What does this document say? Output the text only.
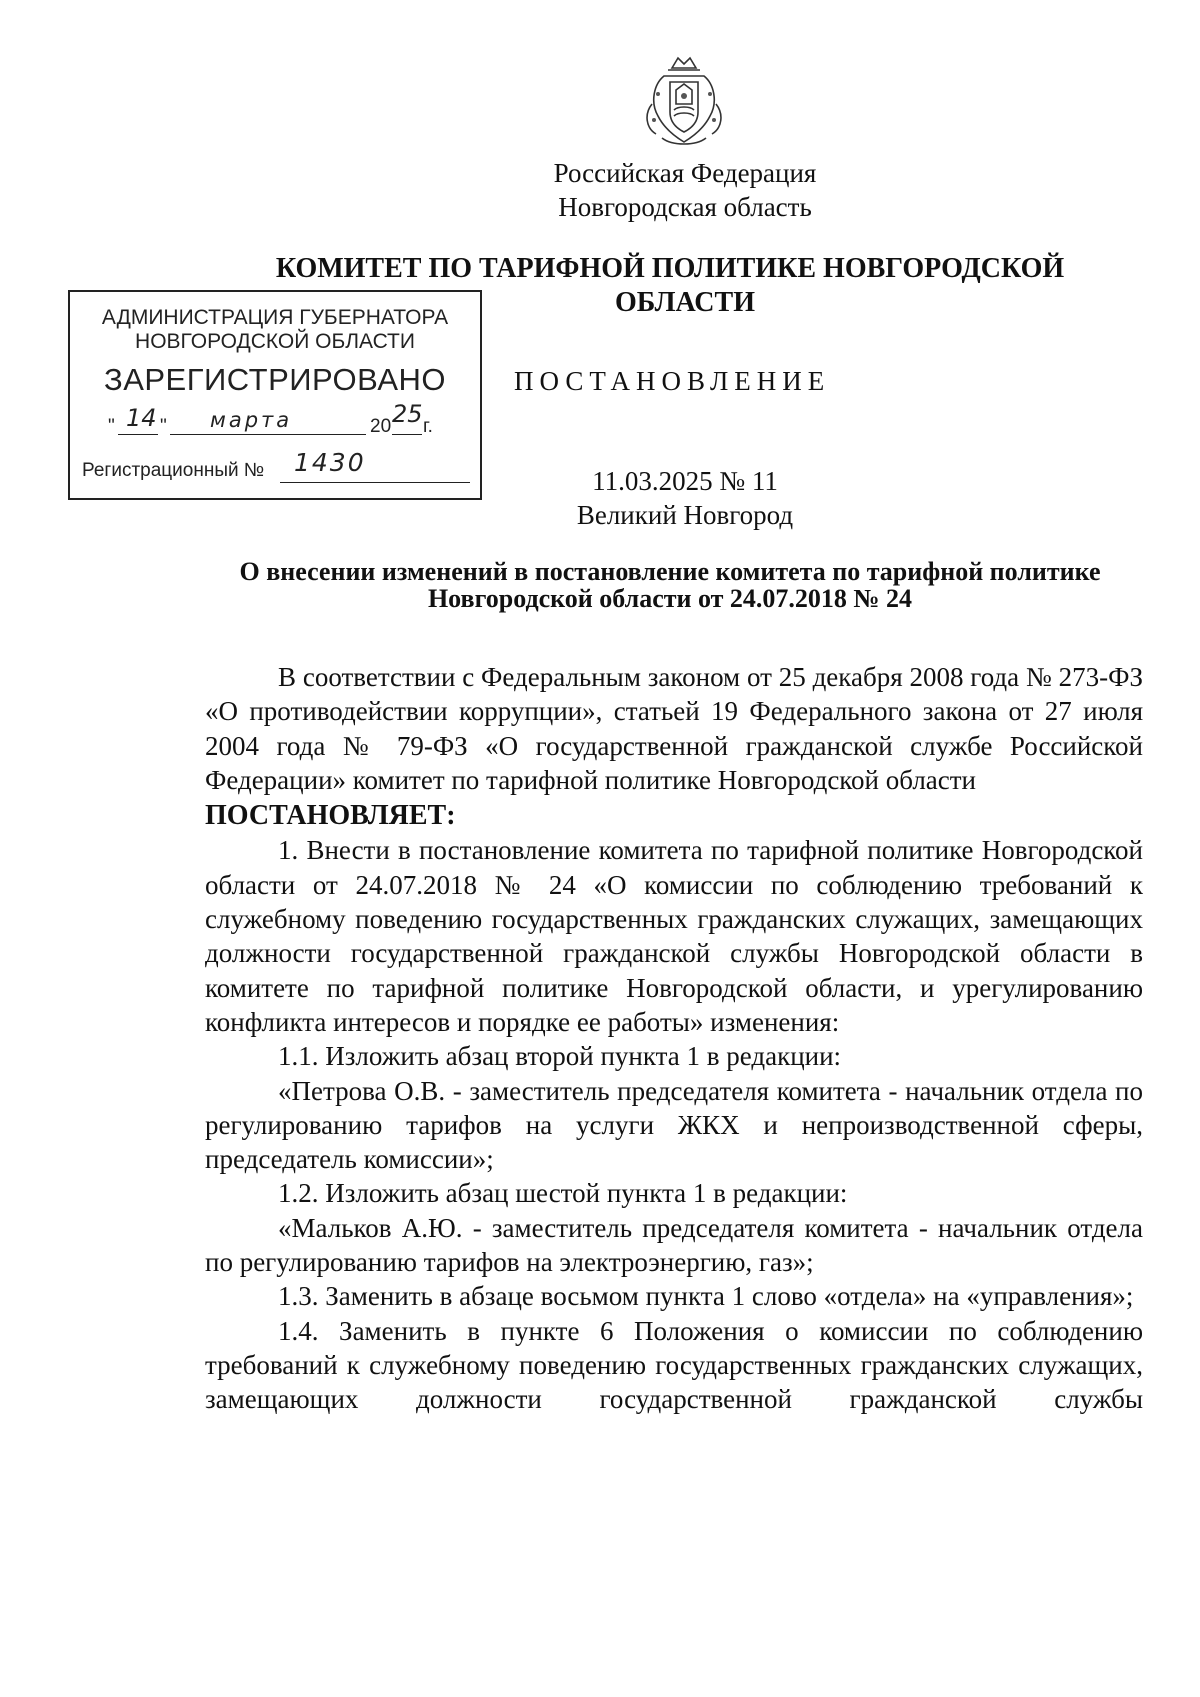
Российская Федерация
Новгородская область
КОМИТЕТ ПО ТАРИФНОЙ ПОЛИТИКЕ НОВГОРОДСКОЙ
ОБЛАСТИ
АДМИНИСТРАЦИЯ ГУБЕРНАТОРА
НОВГОРОДСКОЙ ОБЛАСТИ
ЗАРЕГИСТРИРОВАНО
" 14 " марта	20 25 г.
Регистрационный № 1430
ПОСТАНОВЛЕНИЕ
11.03.2025 № 11
Великий Новгород
О внесении изменений в постановление комитета по тарифной политике
Новгородской области от 24.07.2018 № 24

В соответствии с Федеральным законом от 25 декабря 2008 года № 273-ФЗ «О противодействии коррупции», статьей 19 Федерального закона от 27 июля 2004 года № 79-ФЗ «О государственной гражданской службе Российской Федерации» комитет по тарифной политике Новгородской области

ПОСТАНОВЛЯЕТ:

1. Внести в постановление комитета по тарифной политике Новгородской области от 24.07.2018 № 24 «О комиссии по соблюдению требований к служебному поведению государственных гражданских служащих, замещающих должности государственной гражданской службы Новгородской области в комитете по тарифной политике Новгородской области, и урегулированию конфликта интересов и порядке ее работы» изменения:

1.1. Изложить абзац второй пункта 1 в редакции:

«Петрова О.В. - заместитель председателя комитета - начальник отдела по регулированию тарифов на услуги ЖКХ и непроизводственной сферы, председатель комиссии»;

1.2. Изложить абзац шестой пункта 1 в редакции:

«Мальков А.Ю. - заместитель председателя комитета - начальник отдела по регулированию тарифов на электроэнергию, газ»;

1.3. Заменить в абзаце восьмом пункта 1 слово «отдела» на «управления»;

1.4. Заменить в пункте 6 Положения о комиссии по соблюдению требований к служебному поведению государственных гражданских служащих, замещающих должности государственной гражданской службы
